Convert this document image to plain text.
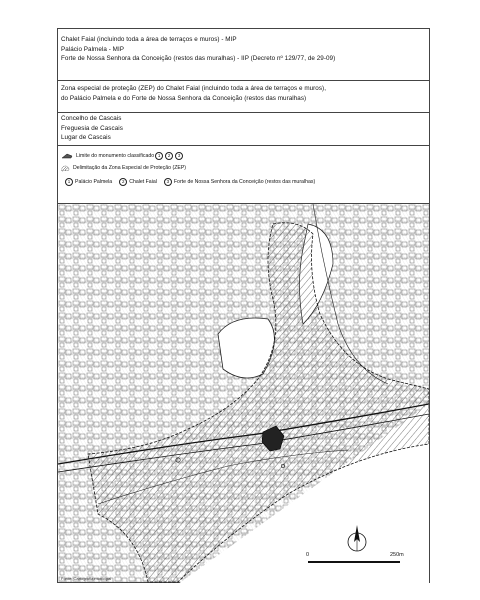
Chalet Faial (incluindo toda a área de terraços e muros) - MIP
Palácio Palmela - MIP
Forte de Nossa Senhora da Conceição (restos das muralhas) - IIP (Decreto nº 129/77, de 29-09)
Zona especial de proteção (ZEP) do Chalet Faial (incluindo toda a área de terraços e muros),
do Palácio Palmela e do Forte de Nossa Senhora da Conceição (restos das muralhas)
Concelho de Cascais
Freguesia de Cascais
Lugar de Cascais
Limite do monumento classificado 1	2	3
Delimitação da Zona Especial de Proteção (ZEP)
1 Palácio Palmela	2 Chalet Faial	3 Forte de Nossa Senhora da Conceição (restos das muralhas)
0	250m
Fonte: Cartografia municipal
